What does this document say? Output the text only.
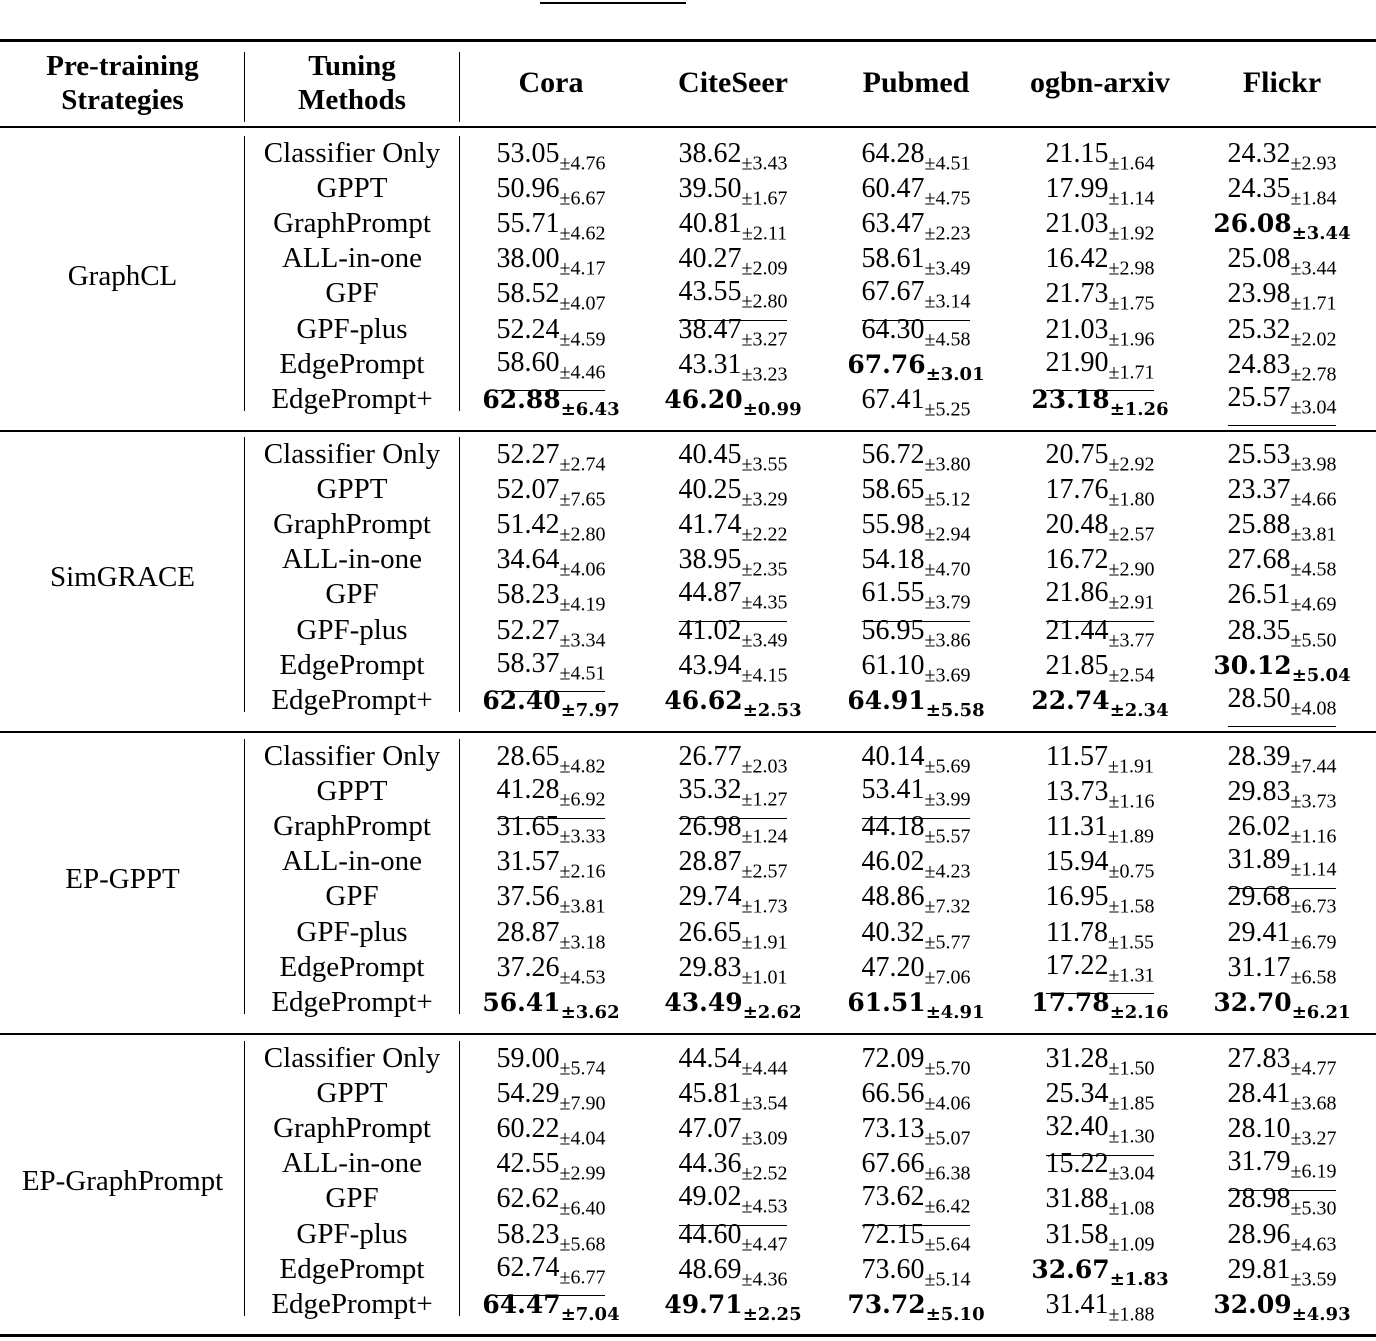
Pre-training
Strategies
Tuning
Methods
Cora	CiteSeer	Pubmed	ogbn-arxiv	Flickr
GraphCL
Classifier Only	$53.05_{\pm 4.76}$	$38.62_{\pm 3.43}$	$64.28_{\pm 4.51}$	$21.15_{\pm 1.64}$	$24.32_{\pm 2.93}$
GPPT	$50.96_{\pm 6.67}$	$39.50_{\pm 1.67}$	$60.47_{\pm 4.75}$	$17.99_{\pm 1.14}$	$24.35_{\pm 1.84}$
GraphPrompt	$55.71_{\pm 4.62}$	$40.81_{\pm 2.11}$	$63.47_{\pm 2.23}$	$21.03_{\pm 1.92}$	$26.08_{\pm 3.44}$
ALL-in-one	$38.00_{\pm 4.17}$	$40.27_{\pm 2.09}$	$58.61_{\pm 3.49}$	$16.42_{\pm 2.98}$	$25.08_{\pm 3.44}$
GPF	$58.52_{\pm 4.07}$	$43.55_{\pm 2.80}$	$67.67_{\pm 3.14}$	$21.73_{\pm 1.75}$	$23.98_{\pm 1.71}$
GPF-plus	$52.24_{\pm 4.59}$	$38.47_{\pm 3.27}$	$64.30_{\pm 4.58}$	$21.03_{\pm 1.96}$	$25.32_{\pm 2.02}$
EdgePrompt	$58.60_{\pm 4.46}$	$43.31_{\pm 3.23}$	$67.76_{\pm 3.01}$	$21.90_{\pm 1.71}$	$24.83_{\pm 2.78}$
EdgePrompt+	$62.88_{\pm 6.43}$	$46.20_{\pm 0.99}$	$67.41_{\pm 5.25}$	$23.18_{\pm 1.26}$	$25.57_{\pm 3.04}$
SimGRACE
Classifier Only	$52.27_{\pm 2.74}$	$40.45_{\pm 3.55}$	$56.72_{\pm 3.80}$	$20.75_{\pm 2.92}$	$25.53_{\pm 3.98}$
GPPT	$52.07_{\pm 7.65}$	$40.25_{\pm 3.29}$	$58.65_{\pm 5.12}$	$17.76_{\pm 1.80}$	$23.37_{\pm 4.66}$
GraphPrompt	$51.42_{\pm 2.80}$	$41.74_{\pm 2.22}$	$55.98_{\pm 2.94}$	$20.48_{\pm 2.57}$	$25.88_{\pm 3.81}$
ALL-in-one	$34.64_{\pm 4.06}$	$38.95_{\pm 2.35}$	$54.18_{\pm 4.70}$	$16.72_{\pm 2.90}$	$27.68_{\pm 4.58}$
GPF	$58.23_{\pm 4.19}$	$44.87_{\pm 4.35}$	$61.55_{\pm 3.79}$	$21.86_{\pm 2.91}$	$26.51_{\pm 4.69}$
GPF-plus	$52.27_{\pm 3.34}$	$41.02_{\pm 3.49}$	$56.95_{\pm 3.86}$	$21.44_{\pm 3.77}$	$28.35_{\pm 5.50}$
EdgePrompt	$58.37_{\pm 4.51}$	$43.94_{\pm 4.15}$	$61.10_{\pm 3.69}$	$21.85_{\pm 2.54}$	$30.12_{\pm 5.04}$
EdgePrompt+	$62.40_{\pm 7.97}$	$46.62_{\pm 2.53}$	$64.91_{\pm 5.58}$	$22.74_{\pm 2.34}$	$28.50_{\pm 4.08}$
EP-GPPT
Classifier Only	$28.65_{\pm 4.82}$	$26.77_{\pm 2.03}$	$40.14_{\pm 5.69}$	$11.57_{\pm 1.91}$	$28.39_{\pm 7.44}$
GPPT	$41.28_{\pm 6.92}$	$35.32_{\pm 1.27}$	$53.41_{\pm 3.99}$	$13.73_{\pm 1.16}$	$29.83_{\pm 3.73}$
GraphPrompt	$31.65_{\pm 3.33}$	$26.98_{\pm 1.24}$	$44.18_{\pm 5.57}$	$11.31_{\pm 1.89}$	$26.02_{\pm 1.16}$
ALL-in-one	$31.57_{\pm 2.16}$	$28.87_{\pm 2.57}$	$46.02_{\pm 4.23}$	$15.94_{\pm 0.75}$	$31.89_{\pm 1.14}$
GPF	$37.56_{\pm 3.81}$	$29.74_{\pm 1.73}$	$48.86_{\pm 7.32}$	$16.95_{\pm 1.58}$	$29.68_{\pm 6.73}$
GPF-plus	$28.87_{\pm 3.18}$	$26.65_{\pm 1.91}$	$40.32_{\pm 5.77}$	$11.78_{\pm 1.55}$	$29.41_{\pm 6.79}$
EdgePrompt	$37.26_{\pm 4.53}$	$29.83_{\pm 1.01}$	$47.20_{\pm 7.06}$	$17.22_{\pm 1.31}$	$31.17_{\pm 6.58}$
EdgePrompt+	$56.41_{\pm 3.62}$	$43.49_{\pm 2.62}$	$61.51_{\pm 4.91}$	$17.78_{\pm 2.16}$	$32.70_{\pm 6.21}$
EP-GraphPrompt
Classifier Only	$59.00_{\pm 5.74}$	$44.54_{\pm 4.44}$	$72.09_{\pm 5.70}$	$31.28_{\pm 1.50}$	$27.83_{\pm 4.77}$
GPPT	$54.29_{\pm 7.90}$	$45.81_{\pm 3.54}$	$66.56_{\pm 4.06}$	$25.34_{\pm 1.85}$	$28.41_{\pm 3.68}$
GraphPrompt	$60.22_{\pm 4.04}$	$47.07_{\pm 3.09}$	$73.13_{\pm 5.07}$	$32.40_{\pm 1.30}$	$28.10_{\pm 3.27}$
ALL-in-one	$42.55_{\pm 2.99}$	$44.36_{\pm 2.52}$	$67.66_{\pm 6.38}$	$15.22_{\pm 3.04}$	$31.79_{\pm 6.19}$
GPF	$62.62_{\pm 6.40}$	$49.02_{\pm 4.53}$	$73.62_{\pm 6.42}$	$31.88_{\pm 1.08}$	$28.98_{\pm 5.30}$
GPF-plus	$58.23_{\pm 5.68}$	$44.60_{\pm 4.47}$	$72.15_{\pm 5.64}$	$31.58_{\pm 1.09}$	$28.96_{\pm 4.63}$
EdgePrompt	$62.74_{\pm 6.77}$	$48.69_{\pm 4.36}$	$73.60_{\pm 5.14}$	$32.67_{\pm 1.83}$	$29.81_{\pm 3.59}$
EdgePrompt+	$64.47_{\pm 7.04}$	$49.71_{\pm 2.25}$	$73.72_{\pm 5.10}$	$31.41_{\pm 1.88}$	$32.09_{\pm 4.93}$
